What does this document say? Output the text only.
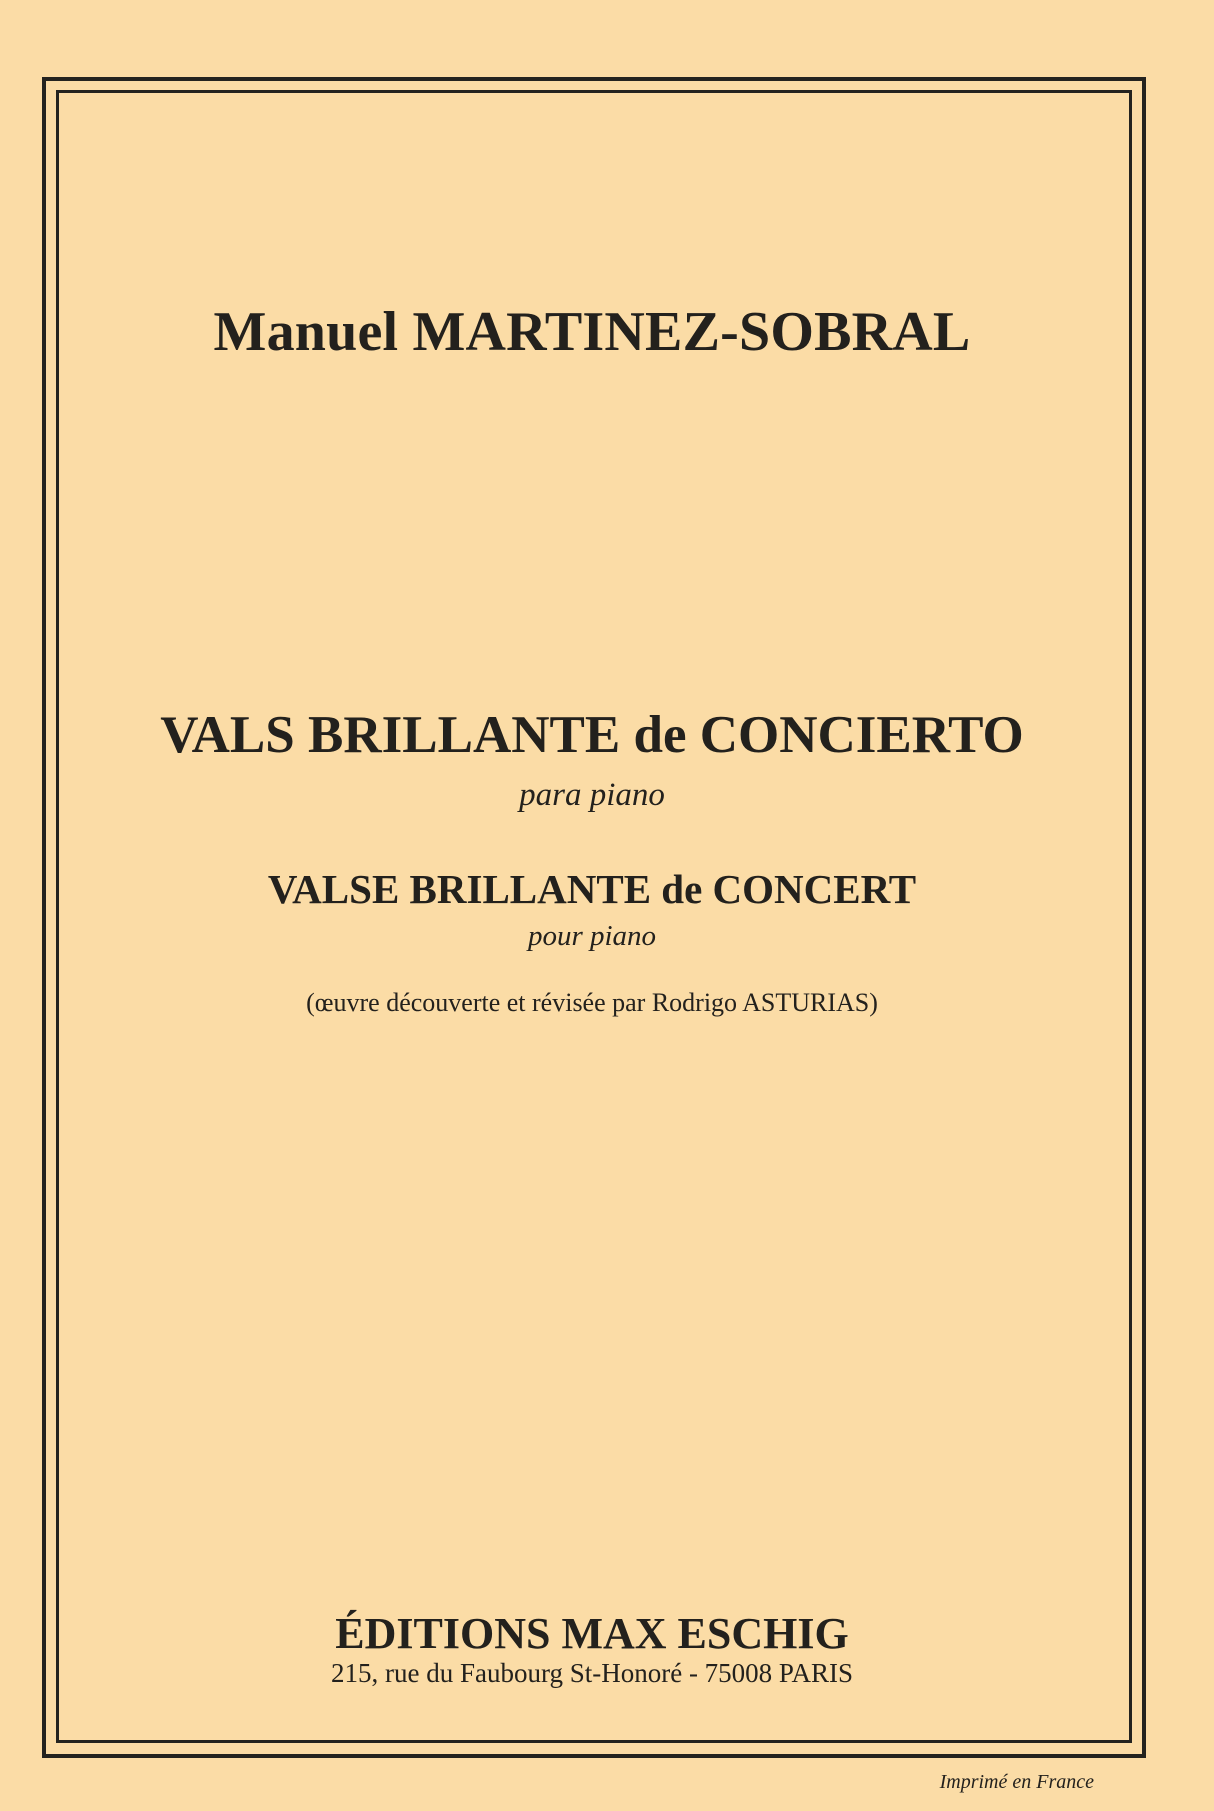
Manuel MARTINEZ-SOBRAL
VALS BRILLANTE de CONCIERTO
para piano
VALSE BRILLANTE de CONCERT
pour piano
(œuvre découverte et révisée par Rodrigo ASTURIAS)
ÉDITIONS MAX ESCHIG
215, rue du Faubourg St-Honoré - 75008 PARIS
Imprimé en France
